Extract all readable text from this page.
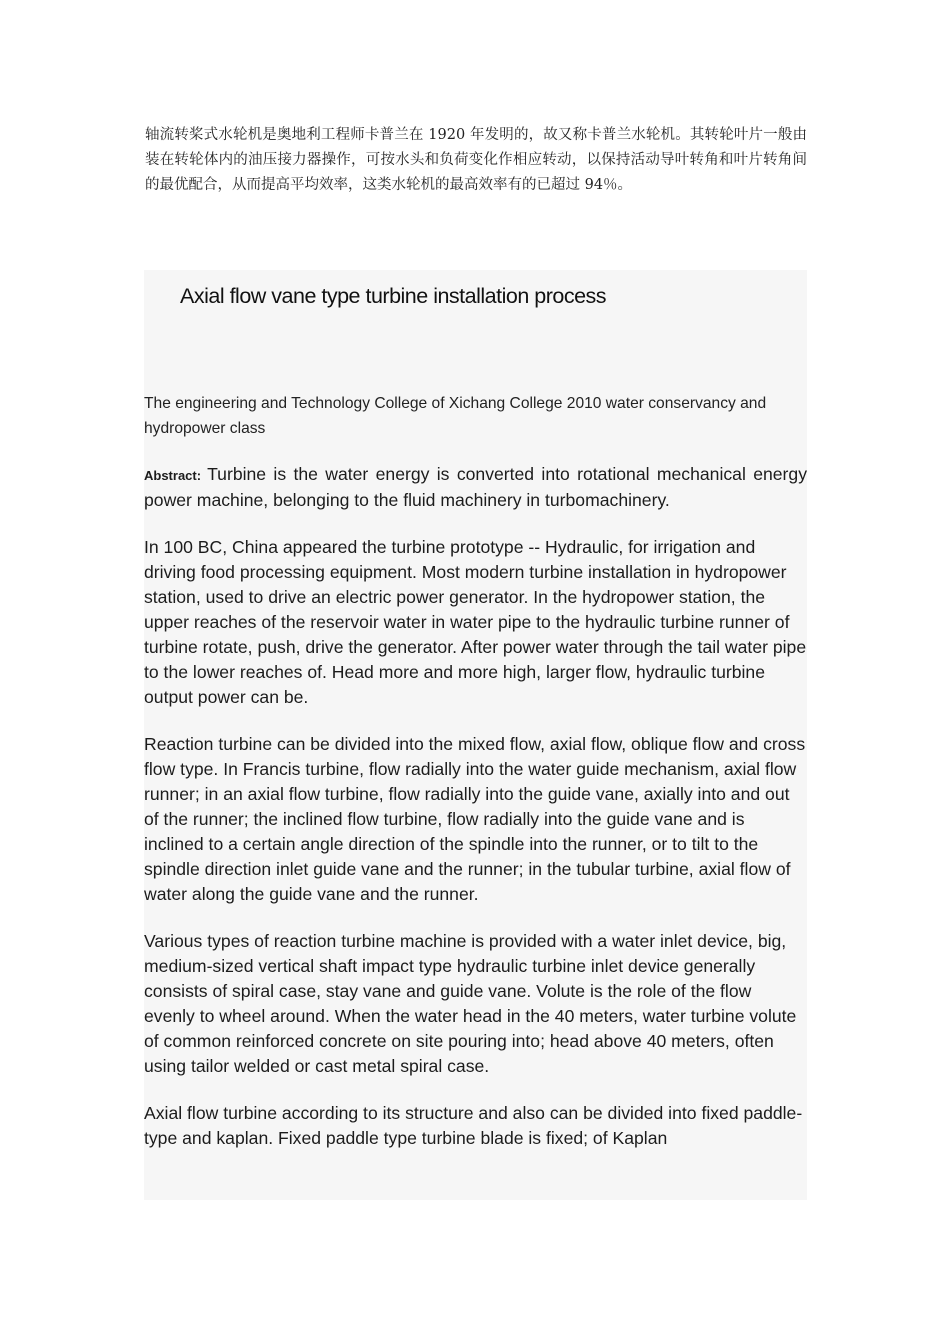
轴流转桨式水轮机是奥地利工程师卡普兰在 1920 年发明的，故又称卡普兰水轮机。其转轮叶片一般由装在转轮体内的油压接力器操作，可按水头和负荷变化作相应转动，以保持活动导叶转角和叶片转角间的最优配合，从而提高平均效率，这类水轮机的最高效率有的已超过 94％。

Axial flow vane type turbine installation process

The engineering and Technology College of Xichang College 2010 water conservancy and hydropower class

Abstract: Turbine is the water energy is converted into rotational mechanical energy power machine, belonging to the fluid machinery in turbomachinery.

In 100 BC, China appeared the turbine prototype -- Hydraulic, for irrigation and driving food processing equipment. Most modern turbine installation in hydropower station, used to drive an electric power generator. In the hydropower station, the upper reaches of the reservoir water in water pipe to the hydraulic turbine runner of turbine rotate, push, drive the generator. After power water through the tail water pipe to the lower reaches of. Head more and more high, larger flow, hydraulic turbine output power can be.

Reaction turbine can be divided into the mixed flow, axial flow, oblique flow and cross flow type. In Francis turbine, flow radially into the water guide mechanism, axial flow runner; in an axial flow turbine, flow radially into the guide vane, axially into and out of the runner; the inclined flow turbine, flow radially into the guide vane and is inclined to a certain angle direction of the spindle into the runner, or to tilt to the spindle direction inlet guide vane and the runner; in the tubular turbine, axial flow of water along the guide vane and the runner.

Various types of reaction turbine machine is provided with a water inlet device, big, medium-sized vertical shaft impact type hydraulic turbine inlet device generally consists of spiral case, stay vane and guide vane. Volute is the role of the flow evenly to wheel around. When the water head in the 40 meters, water turbine volute of common reinforced concrete on site pouring into; head above 40 meters, often using tailor welded or cast metal spiral case.

Axial flow turbine according to its structure and also can be divided into fixed paddle-type and kaplan. Fixed paddle type turbine blade is fixed; of Kaplan
